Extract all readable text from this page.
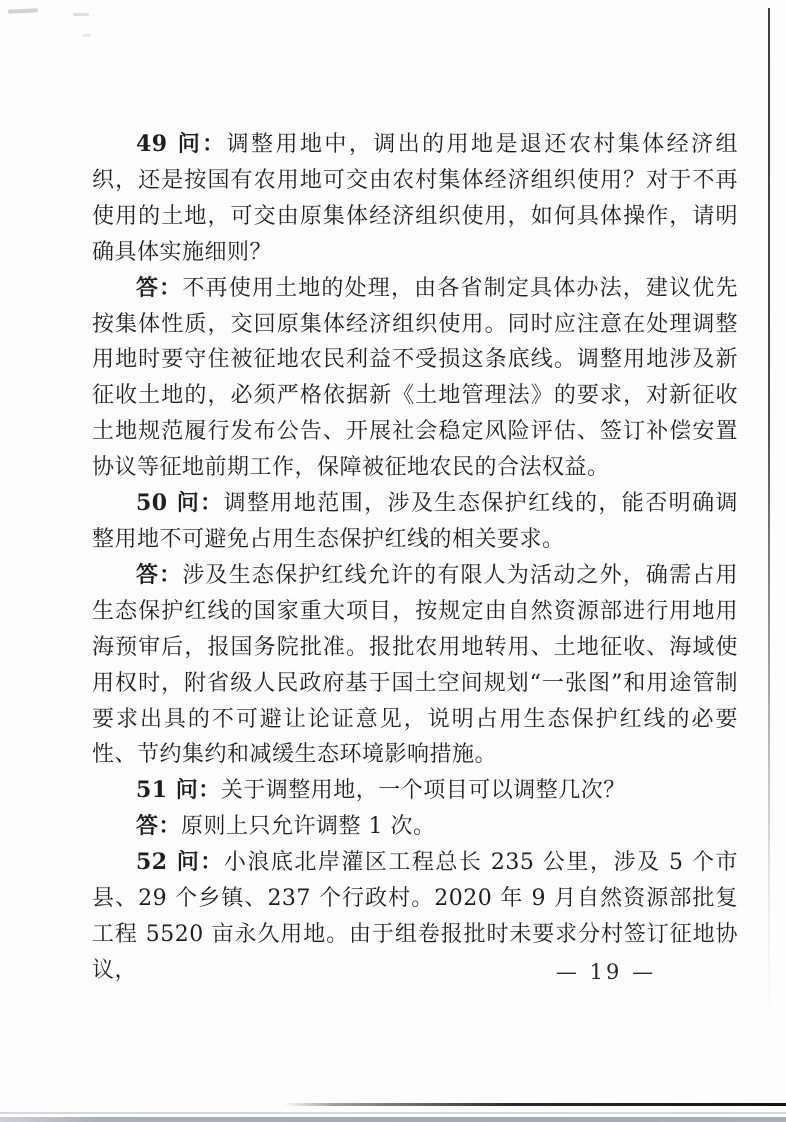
49 问：调整用地中，调出的用地是退还农村集体经济组织，还是按国有农用地可交由农村集体经济组织使用？对于不再使用的土地，可交由原集体经济组织使用，如何具体操作，请明确具体实施细则？

答：不再使用土地的处理，由各省制定具体办法，建议优先按集体性质，交回原集体经济组织使用。同时应注意在处理调整用地时要守住被征地农民利益不受损这条底线。调整用地涉及新征收土地的，必须严格依据新《土地管理法》的要求，对新征收土地规范履行发布公告、开展社会稳定风险评估、签订补偿安置协议等征地前期工作，保障被征地农民的合法权益。

50 问：调整用地范围，涉及生态保护红线的，能否明确调整用地不可避免占用生态保护红线的相关要求。

答：涉及生态保护红线允许的有限人为活动之外，确需占用生态保护红线的国家重大项目，按规定由自然资源部进行用地用海预审后，报国务院批准。报批农用地转用、土地征收、海域使用权时，附省级人民政府基于国土空间规划“一张图”和用途管制要求出具的不可避让论证意见，说明占用生态保护红线的必要性、节约集约和减缓生态环境影响措施。

51 问：关于调整用地，一个项目可以调整几次？

答：原则上只允许调整 1 次。

52 问：小浪底北岸灌区工程总长 235 公里，涉及 5 个市县、29 个乡镇、237 个行政村。2020 年 9 月自然资源部批复工程 5520 亩永久用地。由于组卷报批时未要求分村签订征地协议，	— 19 —
